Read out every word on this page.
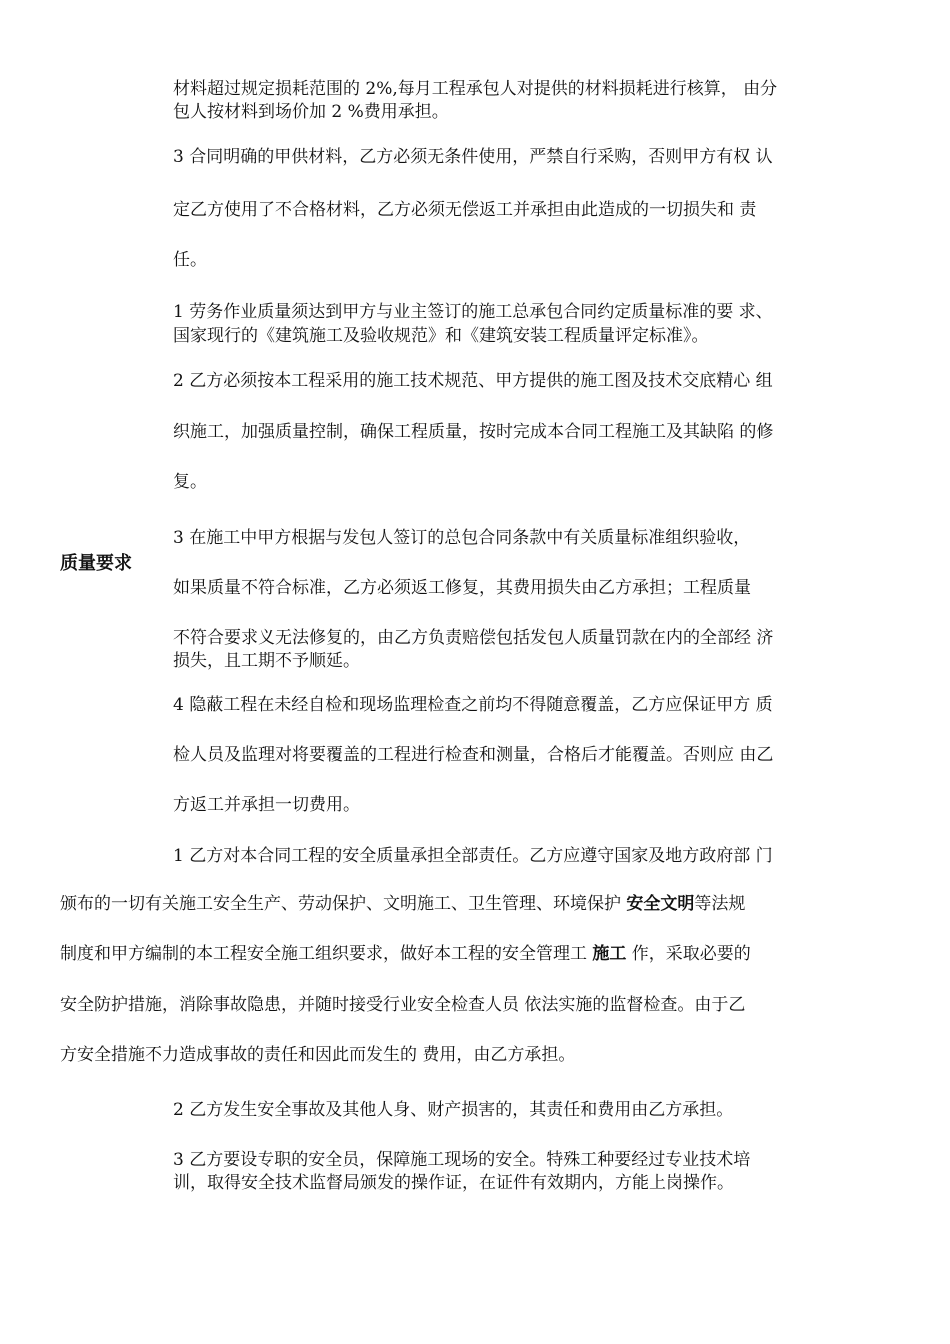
质量要求
材料超过规定损耗范围的 2%,每月工程承包人对提供的材料损耗进行核算， 由分
包人按材料到场价加 2 %费用承担。
3 合同明确的甲供材料，乙方必须无条件使用，严禁自行采购，否则甲方有权 认
定乙方使用了不合格材料，乙方必须无偿返工并承担由此造成的一切损失和 责
任。
1 劳务作业质量须达到甲方与业主签订的施工总承包合同约定质量标准的要 求、
国家现行的《建筑施工及验收规范》和《建筑安装工程质量评定标准》。
2 乙方必须按本工程采用的施工技术规范、甲方提供的施工图及技术交底精心 组
织施工，加强质量控制，确保工程质量，按时完成本合同工程施工及其缺陷 的修
复。
3 在施工中甲方根据与发包人签订的总包合同条款中有关质量标准组织验收，
如果质量不符合标准，乙方必须返工修复，其费用损失由乙方承担；工程质量
不符合要求义无法修复的，由乙方负责赔偿包括发包人质量罚款在内的全部经 济
损失，且工期不予顺延。
4 隐蔽工程在未经自检和现场监理检查之前均不得随意覆盖，乙方应保证甲方 质
检人员及监理对将要覆盖的工程进行检查和测量，合格后才能覆盖。否则应 由乙
方返工并承担一切费用。
1 乙方对本合同工程的安全质量承担全部责任。乙方应遵守国家及地方政府部 门
颁布的一切有关施工安全生产、劳动保护、文明施工、卫生管理、环境保护 安全文明等法规
制度和甲方编制的本工程安全施工组织要求，做好本工程的安全管理工 施工 作，采取必要的
安全防护措施，消除事故隐患，并随时接受行业安全检查人员 依法实施的监督检查。由于乙
方安全措施不力造成事故的责任和因此而发生的 费用，由乙方承担。
2 乙方发生安全事故及其他人身、财产损害的，其责任和费用由乙方承担。
3 乙方要设专职的安全员，保障施工现场的安全。特殊工种要经过专业技术培
训，取得安全技术监督局颁发的操作证，在证件有效期内，方能上岗操作。
